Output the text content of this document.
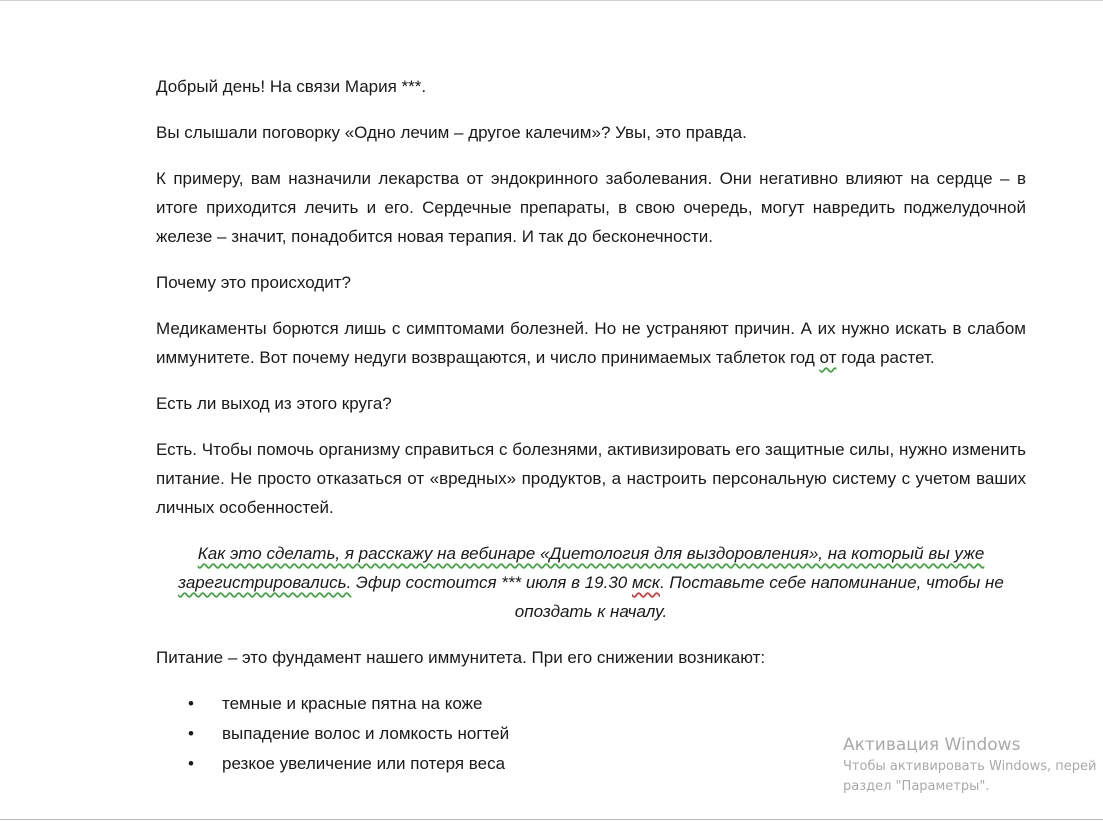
Добрый день! На связи Мария ***.

Вы слышали поговорку «Одно лечим – другое калечим»? Увы, это правда.

К примеру, вам назначили лекарства от эндокринного заболевания. Они негативно влияют на сердце – в итоге приходится лечить и его. Сердечные препараты, в свою очередь, могут навредить поджелудочной железе – значит, понадобится новая терапия. И так до бесконечности.

Почему это происходит?

Медикаменты борются лишь с симптомами болезней. Но не устраняют причин. А их нужно искать в слабом иммунитете. Вот почему недуги возвращаются, и число принимаемых таблеток год от года растет.

Есть ли выход из этого круга?

Есть. Чтобы помочь организму справиться с болезнями, активизировать его защитные силы, нужно изменить питание. Не просто отказаться от «вредных» продуктов, а настроить персональную систему с учетом ваших личных особенностей.

Как это сделать, я расскажу на вебинаре «Диетология для выздоровления», на который вы уже зарегистрировались. Эфир состоится *** июля в 19.30 мск. Поставьте себе напоминание, чтобы не опоздать к началу.

Питание – это фундамент нашего иммунитета. При его снижении возникают:

• темные и красные пятна на коже
• выпадение волос и ломкость ногтей
• резкое увеличение или потеря веса
Активация Windows
Чтобы активировать Windows, перей
раздел "Параметры".
